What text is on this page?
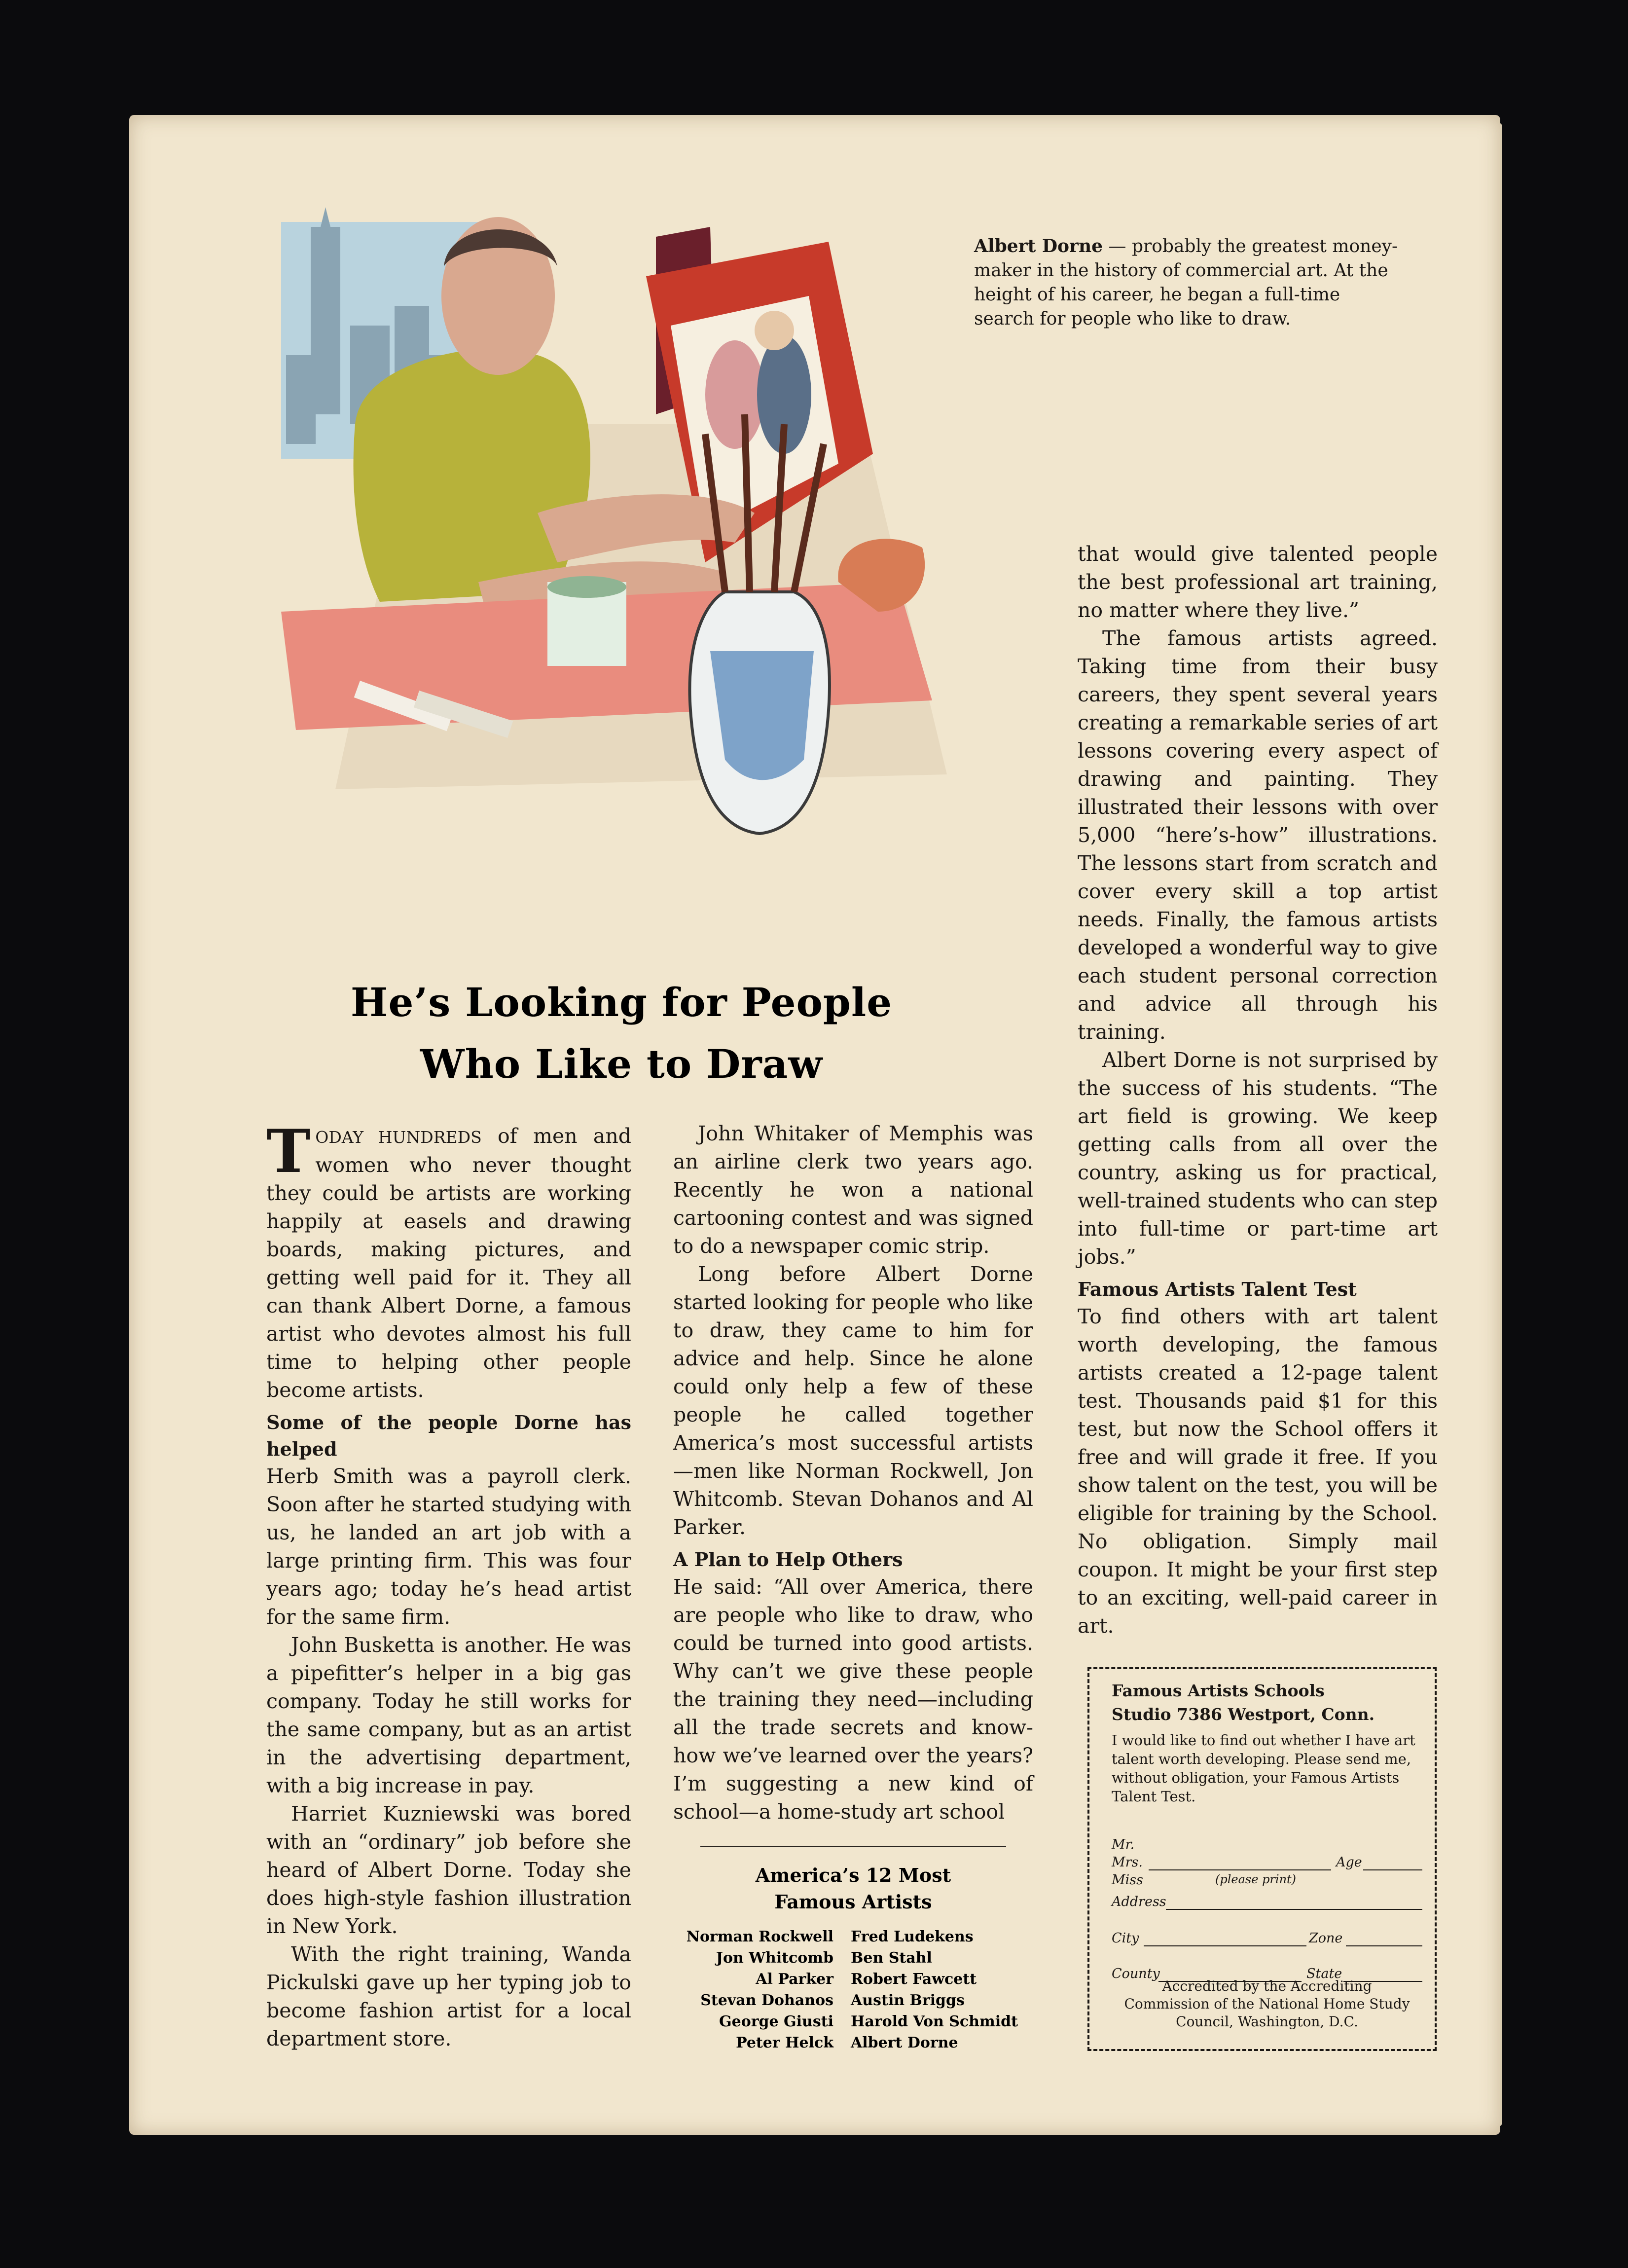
Albert Dorne — probably the greatest money-maker in the history of commercial art. At the height of his career, he began a full-time search for people who like to draw.
He’s Looking for People
Who Like to Draw

TODAY HUNDREDS of men and women who never thought they could be artists are working happily at easels and drawing boards, making pictures, and getting well paid for it. They all can thank Albert Dorne, a famous artist who devotes almost his full time to helping other people become artists.

Some of the people Dorne has helped

Herb Smith was a payroll clerk. Soon after he started studying with us, he landed an art job with a large printing firm. This was four years ago; today he’s head artist for the same firm.

John Busketta is another. He was a pipefitter’s helper in a big gas company. Today he still works for the same company, but as an artist in the advertising department, with a big increase in pay.

Harriet Kuzniewski was bored with an “ordinary” job before she heard of Albert Dorne. Today she does high-style fashion illustration in New York.

With the right training, Wanda Pickulski gave up her typing job to become fashion artist for a local department store.

John Whitaker of Memphis was an airline clerk two years ago. Recently he won a national cartooning contest and was signed to do a newspaper comic strip.

Long before Albert Dorne started looking for people who like to draw, they came to him for advice and help. Since he alone could only help a few of these people he called together America’s most successful artists —men like Norman Rockwell, Jon Whitcomb. Stevan Dohanos and Al Parker.

A Plan to Help Others

He said: “All over America, there are people who like to draw, who could be turned into good artists. Why can’t we give these people the training they need—including all the trade secrets and know-how we’ve learned over the years? I’m suggesting a new kind of school—a home-study art school

that would give talented people the best professional art training, no matter where they live.”

The famous artists agreed. Taking time from their busy careers, they spent several years creating a remarkable series of art lessons covering every aspect of drawing and painting. They illustrated their lessons with over 5,000 “here’s-how” illustrations. The lessons start from scratch and cover every skill a top artist needs. Finally, the famous artists developed a wonderful way to give each student personal correction and advice all through his training.

Albert Dorne is not surprised by the success of his students. “The art field is growing. We keep getting calls from all over the country, asking us for practical, well-trained students who can step into full-time or part-time art jobs.”

Famous Artists Talent Test

To find others with art talent worth developing, the famous artists created a 12-page talent test. Thousands paid $1 for this test, but now the School offers it free and will grade it free. If you show talent on the test, you will be eligible for training by the School. No obligation. Simply mail coupon. It might be your first step to an exciting, well-paid career in art.

America’s 12 Most
Famous Artists
Norman Rockwell	Fred Ludekens
Jon Whitcomb	Ben Stahl
Al Parker	Robert Fawcett
Stevan Dohanos	Austin Briggs
George Giusti	Harold Von Schmidt
Peter Helck	Albert Dorne
Famous Artists Schools
Studio 7386 Westport, Conn.
I would like to find out whether I have art talent worth developing. Please send me, without obligation, your Famous Artists Talent Test.
Mr.
Mrs.
Miss	(please print)
Age
Address
City	Zone
County	State
Accredited by the Accrediting Commission of the National Home Study Council, Washington, D.C.
